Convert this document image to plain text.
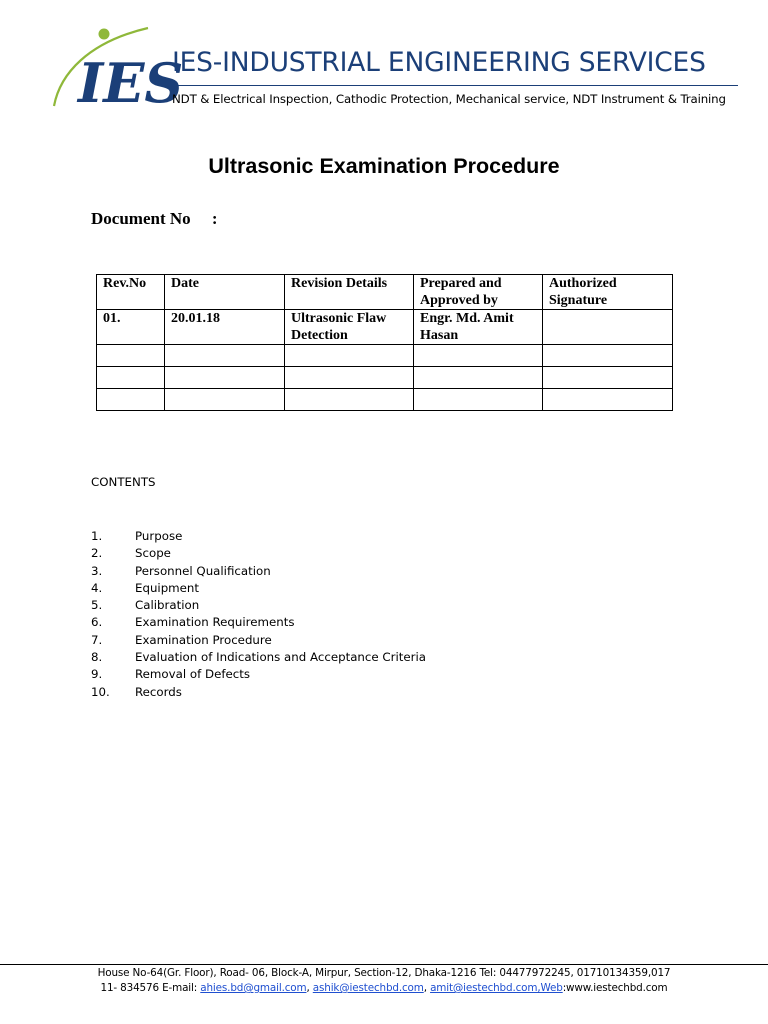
IES
IES-INDUSTRIAL ENGINEERING SERVICES
NDT & Electrical Inspection, Cathodic Protection, Mechanical service, NDT Instrument & Training
Ultrasonic Examination Procedure
Document No     :
Rev.No	Date	Revision Details	Prepared and Approved by	Authorized Signature
01.	20.01.18	Ultrasonic Flaw Detection	Engr. Md. Amit Hasan	

CONTENTS
1.	Purpose
2.	Scope
3.	Personnel Qualification
4.	Equipment
5.	Calibration
6.	Examination Requirements
7.	Examination Procedure
8.	Evaluation of Indications and Acceptance Criteria
9.	Removal of Defects
10. Records
House No-64(Gr. Floor), Road- 06, Block-A, Mirpur, Section-12, Dhaka-1216 Tel: 04477972245, 01710134359,017
11- 834576 E-mail: ahies.bd@gmail.com, ashik@iestechbd.com, amit@iestechbd.com,Web:www.iestechbd.com
